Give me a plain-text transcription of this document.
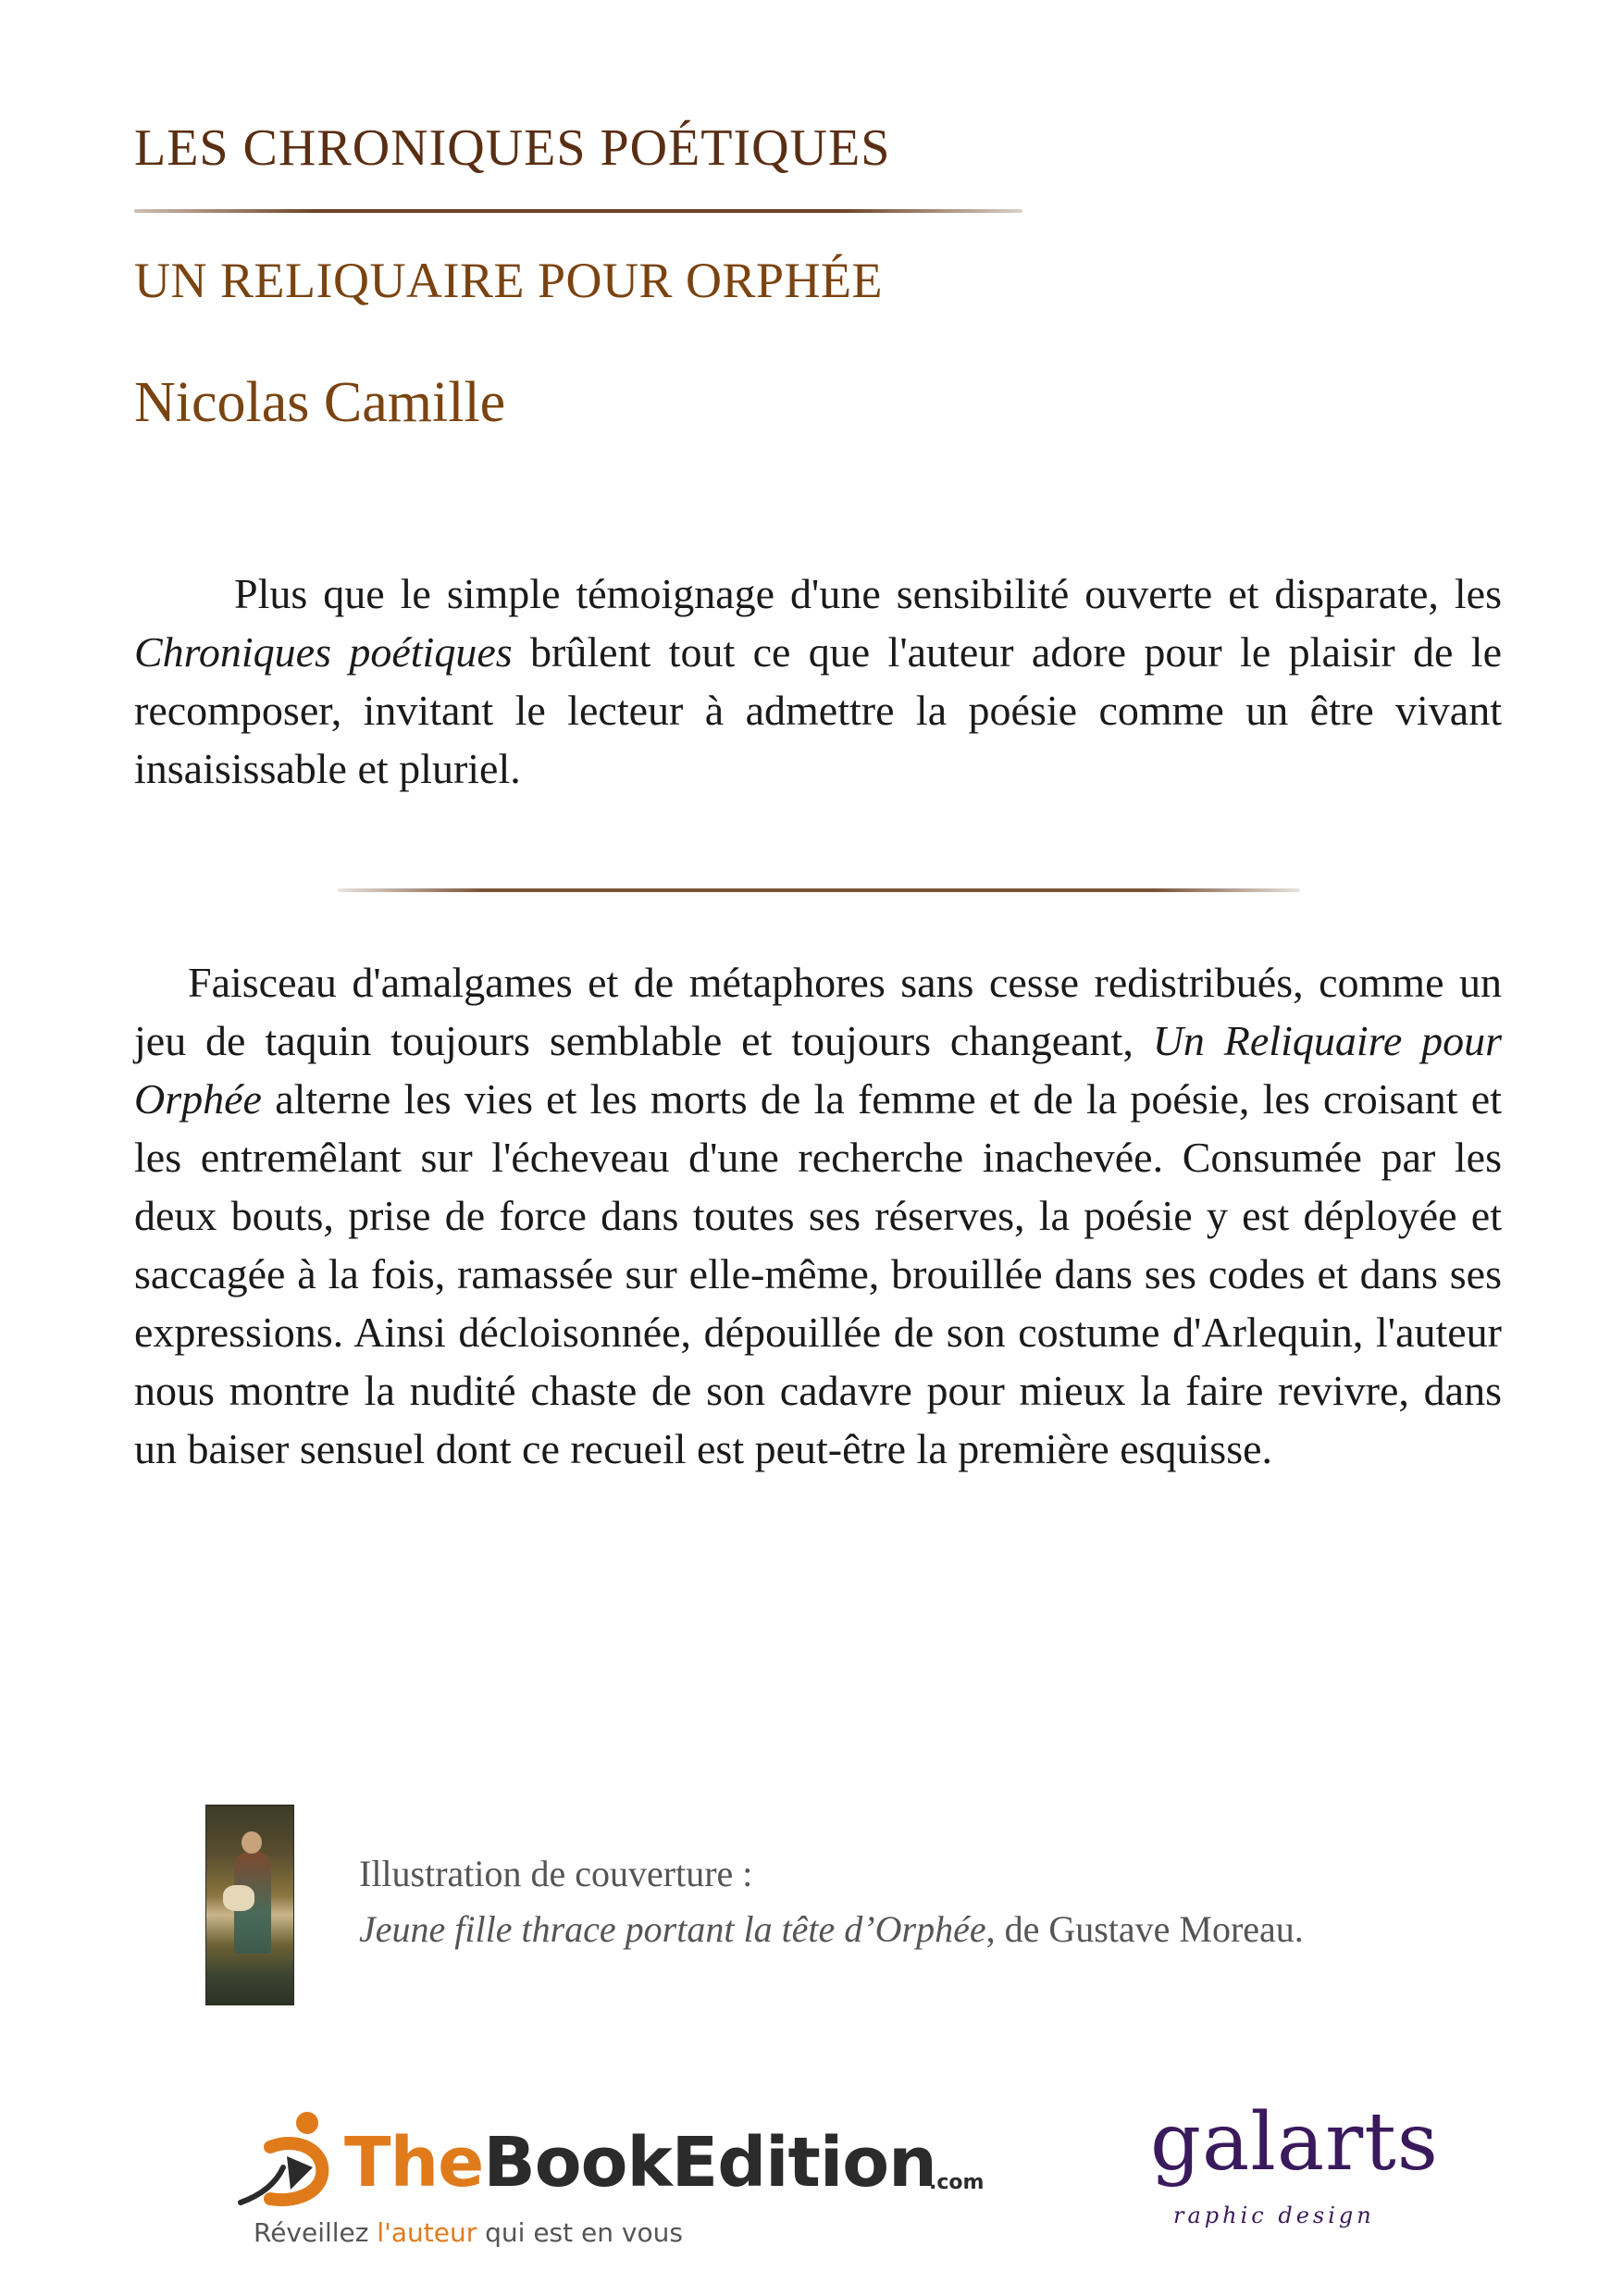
LES CHRONIQUES POÉTIQUES
UN RELIQUAIRE POUR ORPHÉE
Nicolas Camille

Plus que le simple témoignage d'une sensibilité ouverte et disparate, les Chroniques poétiques brûlent tout ce que l'auteur adore pour le plaisir de le recomposer, invitant le lecteur à admettre la poésie comme un être vivant insaisissable et pluriel.

Faisceau d'amalgames et de métaphores sans cesse redistribués, comme un jeu de taquin toujours semblable et toujours changeant, Un Reliquaire pour Orphée alterne les vies et les morts de la femme et de la poésie, les croisant et les entremêlant sur l'écheveau d'une recherche inachevée. Consumée par les deux bouts, prise de force dans toutes ses réserves, la poésie y est déployée et saccagée à la fois, ramassée sur elle-même, brouillée dans ses codes et dans ses expressions. Ainsi décloisonnée, dépouillée de son costume d'Arlequin, l'auteur nous montre la nudité chaste de son cadavre pour mieux la faire revivre, dans un baiser sensuel dont ce recueil est peut-être la première esquisse.

Illustration de couverture :
Jeune fille thrace portant la tête d’Orphée, de Gustave Moreau.
TheBookEdition
.com
Réveillez l'auteur qui est en vous
galarts
raphic design
